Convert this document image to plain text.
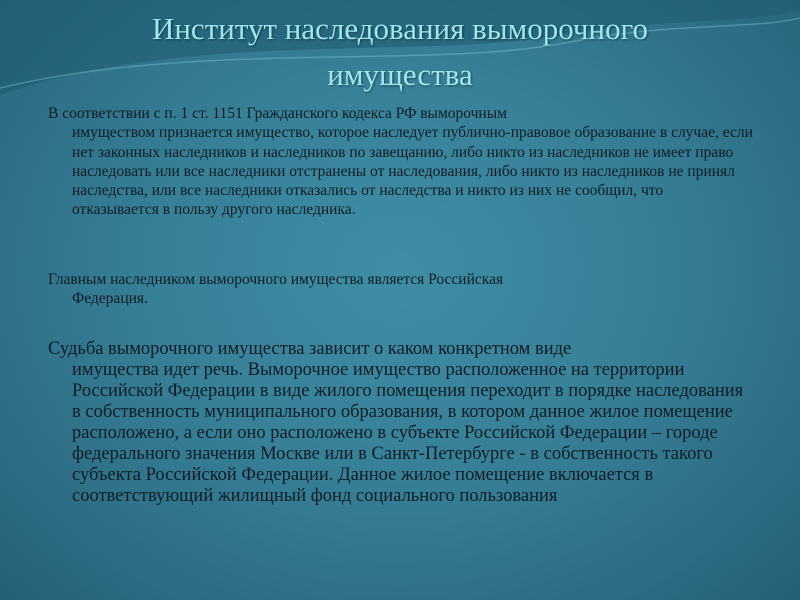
Институт наследования выморочного
имущества
В соответствии с п. 1 ст. 1151 Гражданского кодекса РФ выморочным
имуществом признается имущество, которое наследует публично-правовое образование в случае, если нет законных наследников и наследников по завещанию, либо никто из наследников не имеет право наследовать или все наследники отстранены от наследования, либо никто из наследников не принял наследства, или все наследники отказались от наследства и никто из них не сообщил, что отказывается в пользу другого наследника.
Главным наследником выморочного имущества является Российская
Федерация.
Судьба выморочного имущества зависит о каком конкретном виде
имущества идет речь. Выморочное имущество расположенное на территории Российской Федерации в виде жилого помещения переходит в порядке наследования в собственность муниципального образования, в котором данное жилое помещение расположено, а если оно расположено в субъекте Российской Федерации – городе федерального значения Москве или в Санкт-Петербурге - в собственность такого субъекта Российской Федерации. Данное жилое помещение включается в соответствующий жилищный фонд социального пользования
